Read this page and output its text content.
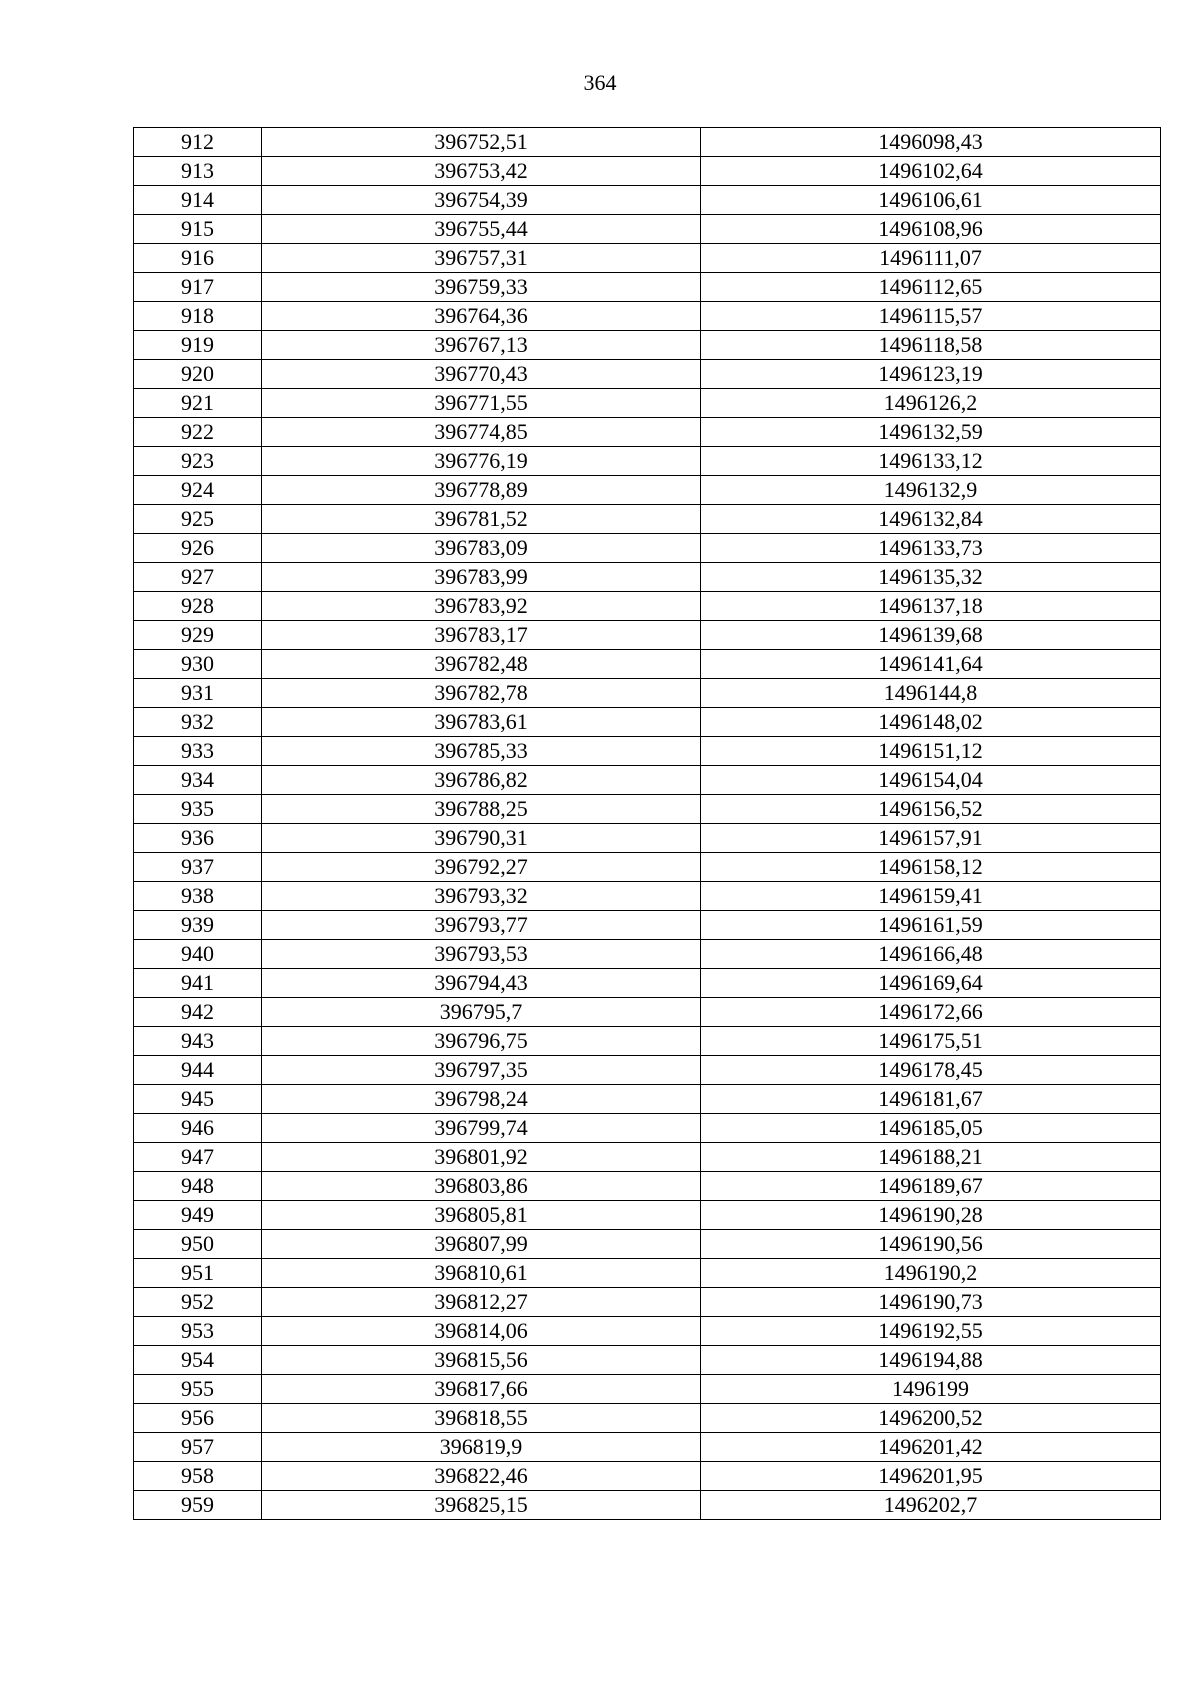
364
912	396752,51	1496098,43
913	396753,42	1496102,64
914	396754,39	1496106,61
915	396755,44	1496108,96
916	396757,31	1496111,07
917	396759,33	1496112,65
918	396764,36	1496115,57
919	396767,13	1496118,58
920	396770,43	1496123,19
921	396771,55	1496126,2
922	396774,85	1496132,59
923	396776,19	1496133,12
924	396778,89	1496132,9
925	396781,52	1496132,84
926	396783,09	1496133,73
927	396783,99	1496135,32
928	396783,92	1496137,18
929	396783,17	1496139,68
930	396782,48	1496141,64
931	396782,78	1496144,8
932	396783,61	1496148,02
933	396785,33	1496151,12
934	396786,82	1496154,04
935	396788,25	1496156,52
936	396790,31	1496157,91
937	396792,27	1496158,12
938	396793,32	1496159,41
939	396793,77	1496161,59
940	396793,53	1496166,48
941	396794,43	1496169,64
942	396795,7	1496172,66
943	396796,75	1496175,51
944	396797,35	1496178,45
945	396798,24	1496181,67
946	396799,74	1496185,05
947	396801,92	1496188,21
948	396803,86	1496189,67
949	396805,81	1496190,28
950	396807,99	1496190,56
951	396810,61	1496190,2
952	396812,27	1496190,73
953	396814,06	1496192,55
954	396815,56	1496194,88
955	396817,66	1496199
956	396818,55	1496200,52
957	396819,9	1496201,42
958	396822,46	1496201,95
959	396825,15	1496202,7
